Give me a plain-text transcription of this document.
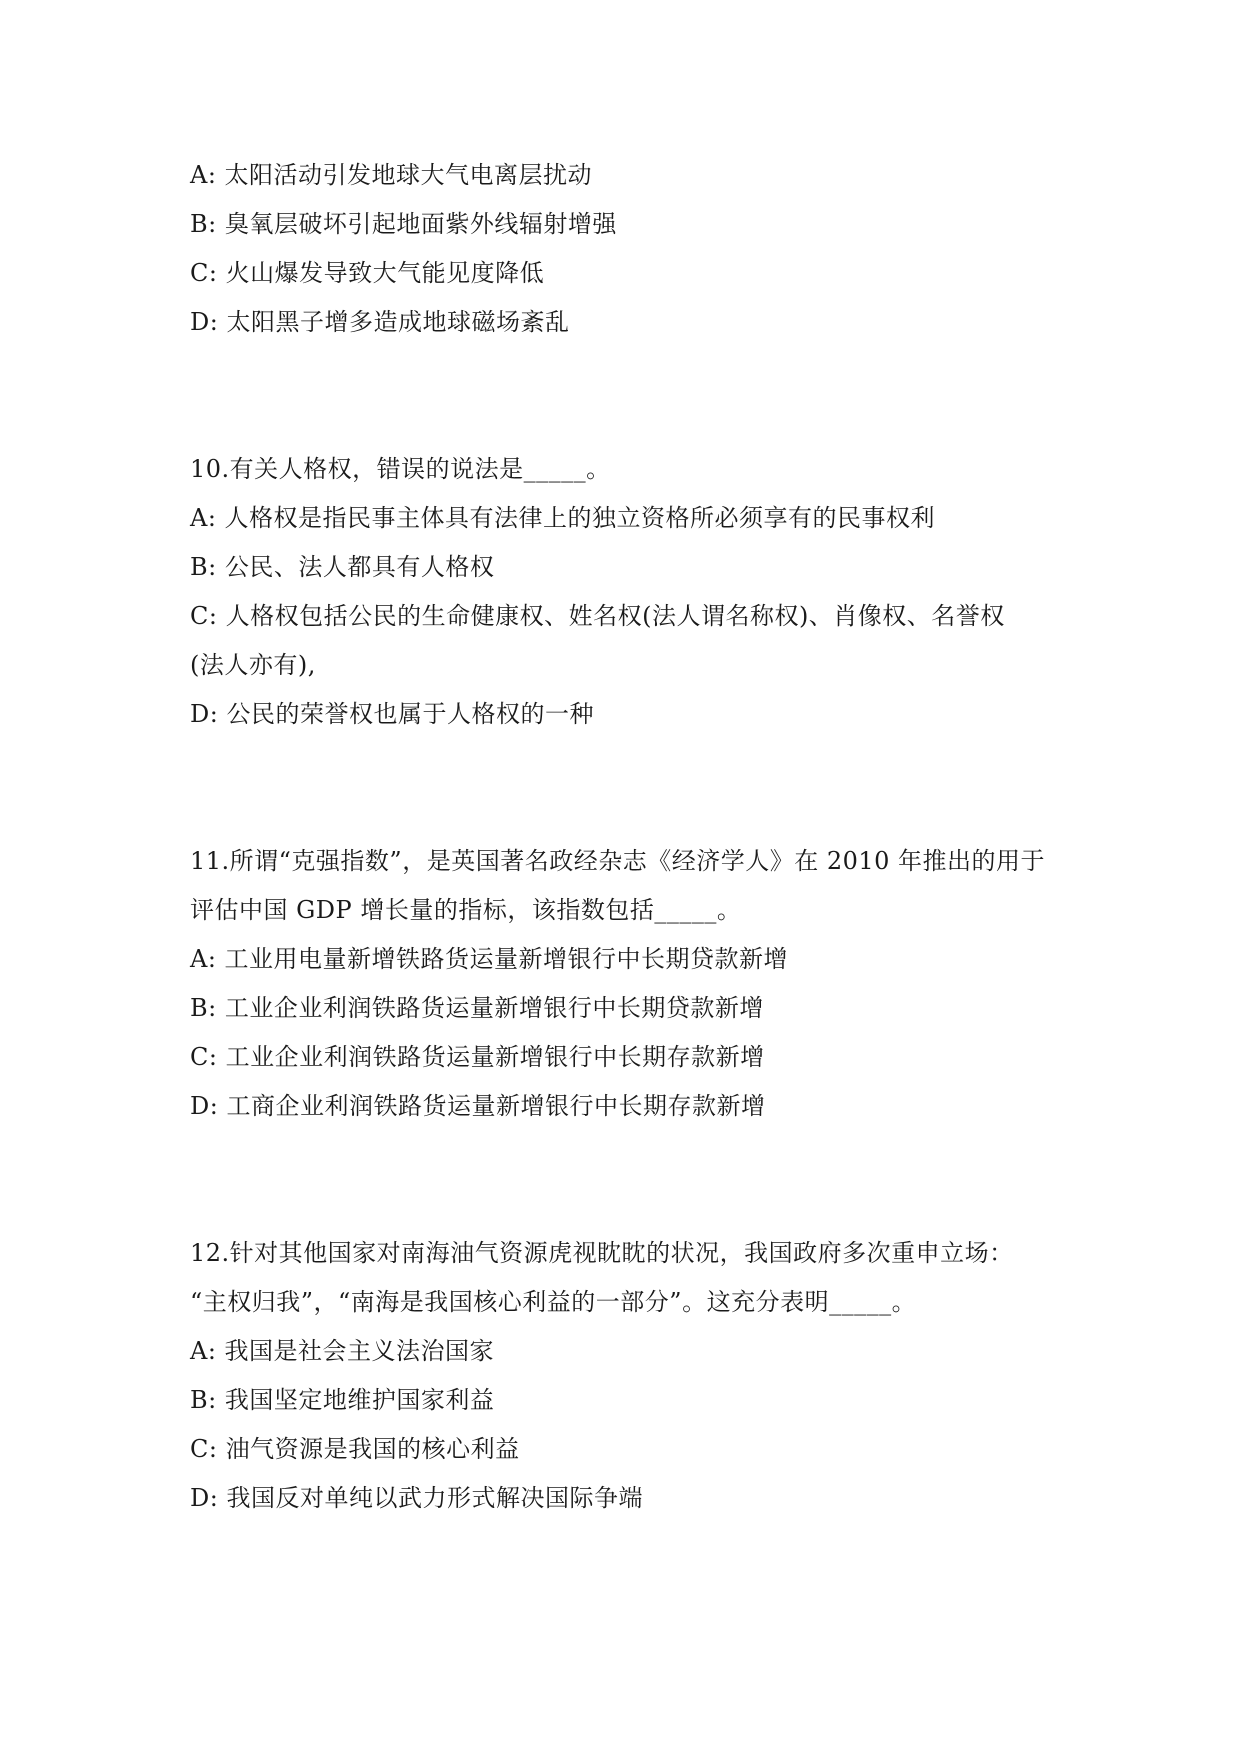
A: 太阳活动引发地球大气电离层扰动
B: 臭氧层破坏引起地面紫外线辐射增强
C: 火山爆发导致大气能见度降低
D: 太阳黑子增多造成地球磁场紊乱
10.有关人格权，错误的说法是_____。
A: 人格权是指民事主体具有法律上的独立资格所必须享有的民事权利
B: 公民、法人都具有人格权
C: 人格权包括公民的生命健康权、姓名权(法人谓名称权)、肖像权、名誉权
(法人亦有),
D: 公民的荣誉权也属于人格权的一种
11.所谓“克强指数”，是英国著名政经杂志《经济学人》在 2010 年推出的用于
评估中国 GDP 增长量的指标，该指数包括_____。
A: 工业用电量新增铁路货运量新增银行中长期贷款新增
B: 工业企业利润铁路货运量新增银行中长期贷款新增
C: 工业企业利润铁路货运量新增银行中长期存款新增
D: 工商企业利润铁路货运量新增银行中长期存款新增
12.针对其他国家对南海油气资源虎视眈眈的状况，我国政府多次重申立场：
“主权归我”，“南海是我国核心利益的一部分”。这充分表明_____。
A: 我国是社会主义法治国家
B: 我国坚定地维护国家利益
C: 油气资源是我国的核心利益
D: 我国反对单纯以武力形式解决国际争端
